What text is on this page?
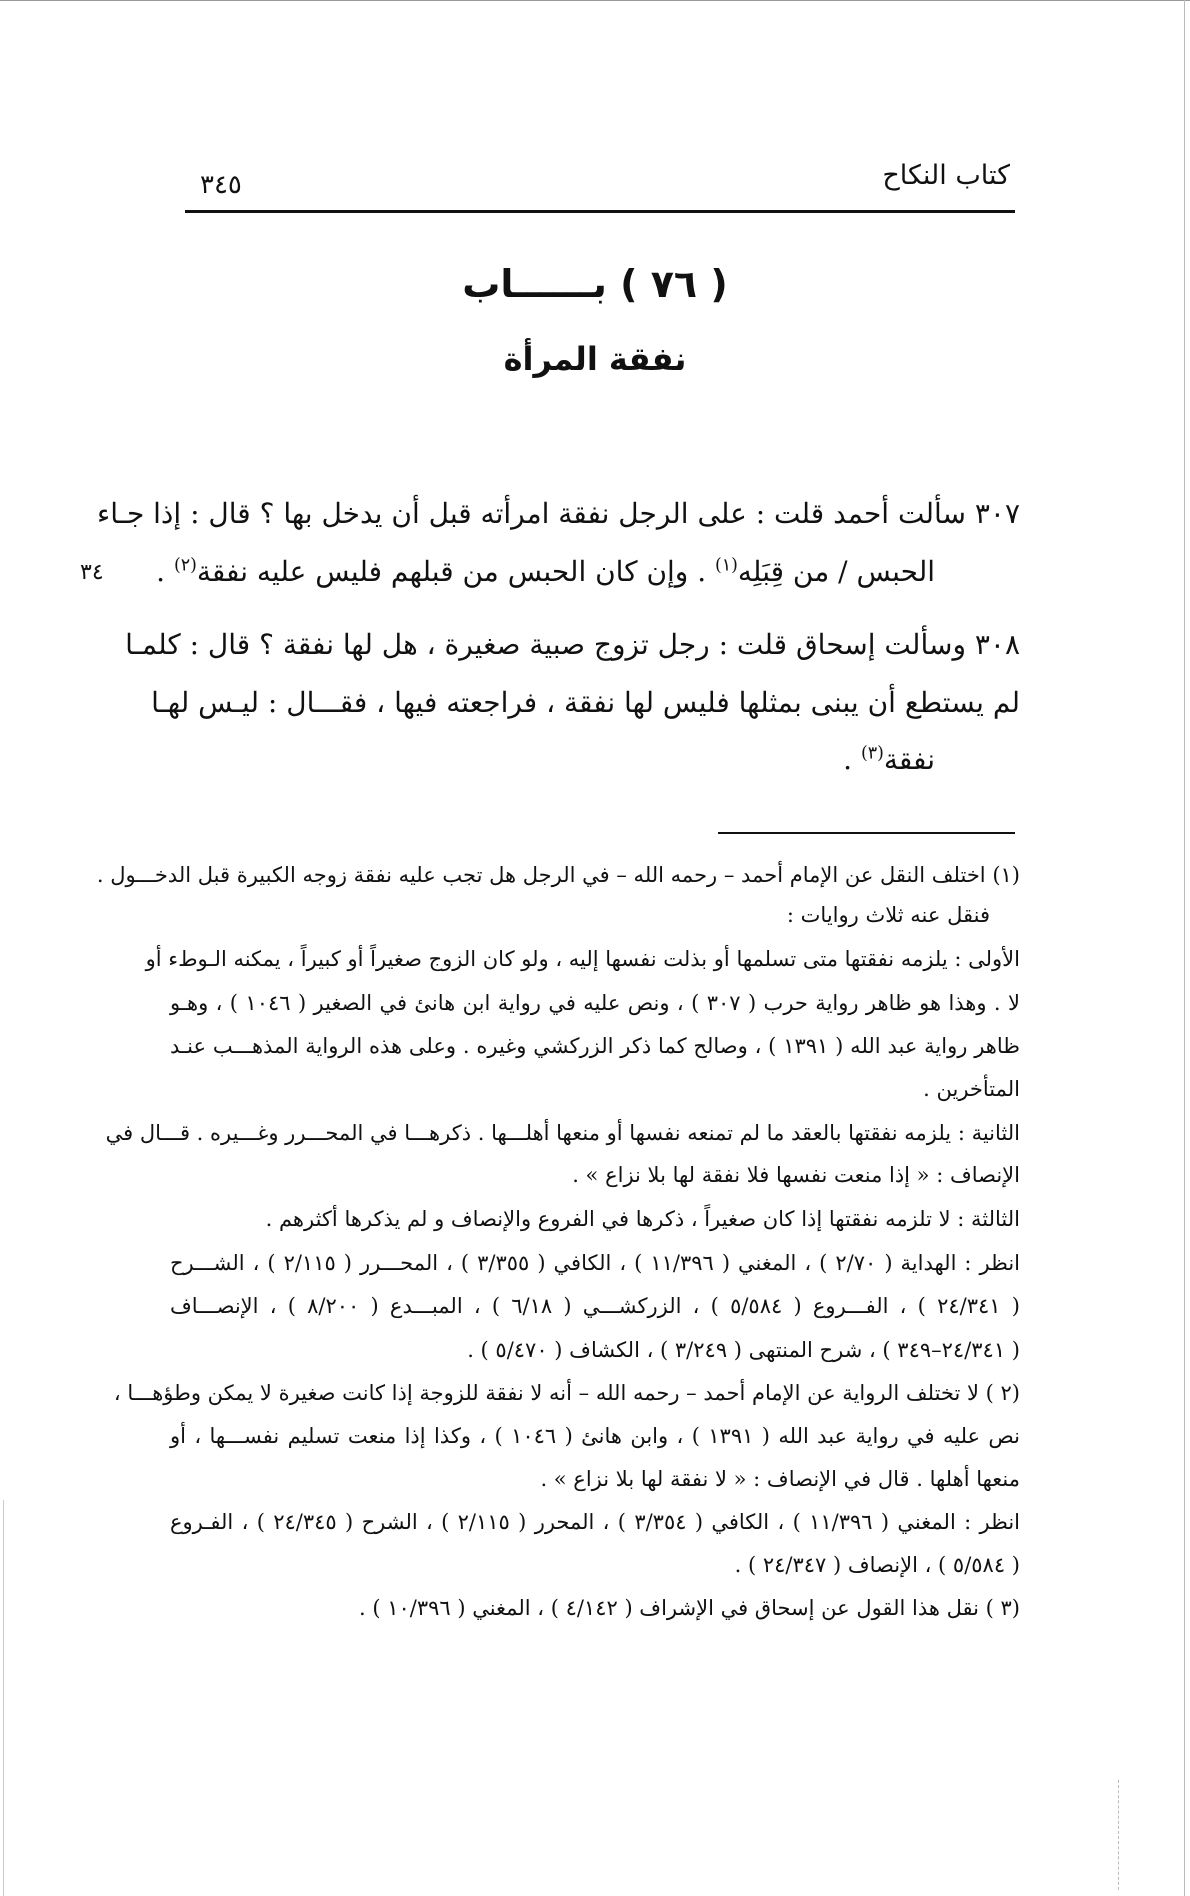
كتاب النكاح
٣٤٥
( ٧٦ ) بــــــاب
نفقة المرأة
٣٠٧ سألت أحمد قلت : على الرجل نفقة امرأته قبل أن يدخل بها ؟ قال : إذا جـاء
الحبس / من قِبَلِه$^{(١)}$ . وإن كان الحبس من قبلهم فليس عليه نفقة$^{(٢)}$ .
٣٤
٣٠٨ وسألت إسحاق قلت : رجل تزوج صبية صغيرة ، هل لها نفقة ؟ قال : كلمـا
لم يستطع أن يبنى بمثلها فليس لها نفقة ، فراجعته فيها ، فقـــال : ليـس لهـا
نفقة$^{(٣)}$ .
(١) اختلف النقل عن الإمام أحمد – رحمه الله – في الرجل هل تجب عليه نفقة زوجه الكبيرة قبل الدخـــول .
فنقل عنه ثلاث روايات :
الأولى : يلزمه نفقتها متى تسلمها أو بذلت نفسها إليه ، ولو كان الزوج صغيراً أو كبيراً ، يمكنه الـوطء أو
لا . وهذا هو ظاهر رواية حرب ( ٣٠٧ ) ، ونص عليه في رواية ابن هانئ في الصغير ( ١٠٤٦ ) ، وهـو
ظاهر رواية عبد الله ( ١٣٩١ ) ، وصالح كما ذكر الزركشي وغيره . وعلى هذه الرواية المذهـــب عنـد
المتأخرين .
الثانية : يلزمه نفقتها بالعقد ما لم تمنعه نفسها أو منعها أهلـــها . ذكرهـــا في المحـــرر وغـــيره . قـــال في
الإنصاف : « إذا منعت نفسها فلا نفقة لها بلا نزاع » .
الثالثة : لا تلزمه نفقتها إذا كان صغيراً ، ذكرها في الفروع والإنصاف و لم يذكرها أكثرهم .
انظر : الهداية ( ٢/٧٠ ) ، المغني ( ١١/٣٩٦ ) ، الكافي ( ٣/٣٥٥ ) ، المحـــرر ( ٢/١١٥ ) ، الشـــرح
( ٢٤/٣٤١ ) ، الفـــروع ( ٥/٥٨٤ ) ، الزركشـــي ( ٦/١٨ ) ، المبـــدع ( ٨/٢٠٠ ) ، الإنصـــاف
( ٢٤/٣٤١–٣٤٩ ) ، شرح المنتهى ( ٣/٢٤٩ ) ، الكشاف ( ٥/٤٧٠ ) .
(٢ ) لا تختلف الرواية عن الإمام أحمد – رحمه الله – أنه لا نفقة للزوجة إذا كانت صغيرة لا يمكن وطؤهـــا ،
نص عليه في رواية عبد الله ( ١٣٩١ ) ، وابن هانئ ( ١٠٤٦ ) ، وكذا إذا منعت تسليم نفســـها ، أو
منعها أهلها . قال في الإنصاف : « لا نفقة لها بلا نزاع » .
انظر : المغني ( ١١/٣٩٦ ) ، الكافي ( ٣/٣٥٤ ) ، المحرر ( ٢/١١٥ ) ، الشرح ( ٢٤/٣٤٥ ) ، الفـروع
( ٥/٥٨٤ ) ، الإنصاف ( ٢٤/٣٤٧ ) .
(٣ ) نقل هذا القول عن إسحاق في الإشراف ( ٤/١٤٢ ) ، المغني ( ١٠/٣٩٦ ) .
